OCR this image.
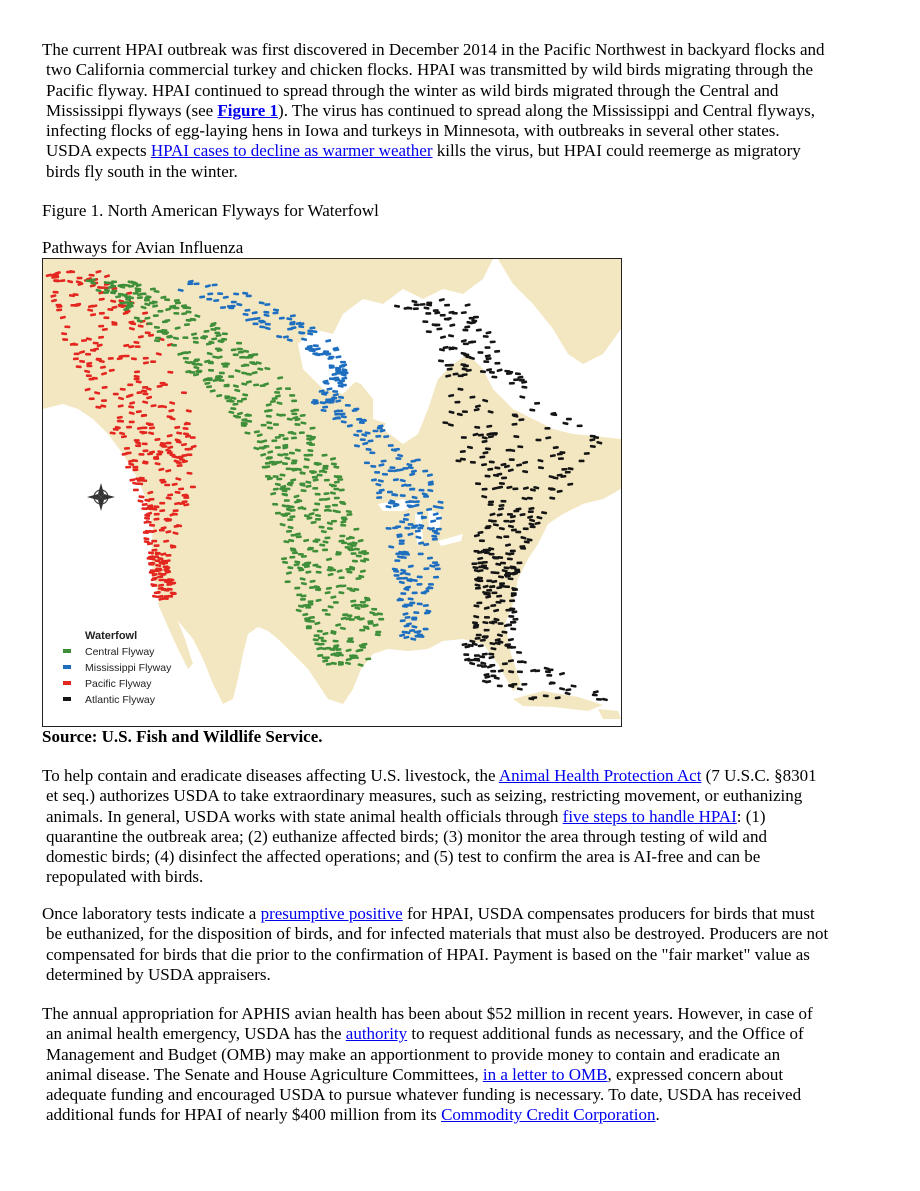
The current HPAI outbreak was first discovered in December 2014 in the Pacific Northwest in backyard flocks and
two California commercial turkey and chicken flocks. HPAI was transmitted by wild birds migrating through the
Pacific flyway. HPAI continued to spread through the winter as wild birds migrated through the Central and
Mississippi flyways (see Figure 1). The virus has continued to spread along the Mississippi and Central flyways,
infecting flocks of egg-laying hens in Iowa and turkeys in Minnesota, with outbreaks in several other states.
USDA expects HPAI cases to decline as warmer weather kills the virus, but HPAI could reemerge as migratory
birds fly south in the winter.

Figure 1. North American Flyways for Waterfowl

Pathways for Avian Influenza

Waterfowl
Central Flyway
Mississippi Flyway
Pacific Flyway
Atlantic Flyway

Source: U.S. Fish and Wildlife Service.

To help contain and eradicate diseases affecting U.S. livestock, the Animal Health Protection Act (7 U.S.C. §8301
et seq.) authorizes USDA to take extraordinary measures, such as seizing, restricting movement, or euthanizing
animals. In general, USDA works with state animal health officials through five steps to handle HPAI: (1)
quarantine the outbreak area; (2) euthanize affected birds; (3) monitor the area through testing of wild and
domestic birds; (4) disinfect the affected operations; and (5) test to confirm the area is AI-free and can be
repopulated with birds.
Once laboratory tests indicate a presumptive positive for HPAI, USDA compensates producers for birds that must
be euthanized, for the disposition of birds, and for infected materials that must also be destroyed. Producers are not
compensated for birds that die prior to the confirmation of HPAI. Payment is based on the "fair market" value as
determined by USDA appraisers.
The annual appropriation for APHIS avian health has been about $52 million in recent years. However, in case of
an animal health emergency, USDA has the authority to request additional funds as necessary, and the Office of
Management and Budget (OMB) may make an apportionment to provide money to contain and eradicate an
animal disease. The Senate and House Agriculture Committees, in a letter to OMB, expressed concern about
adequate funding and encouraged USDA to pursue whatever funding is necessary. To date, USDA has received
additional funds for HPAI of nearly $400 million from its Commodity Credit Corporation.
